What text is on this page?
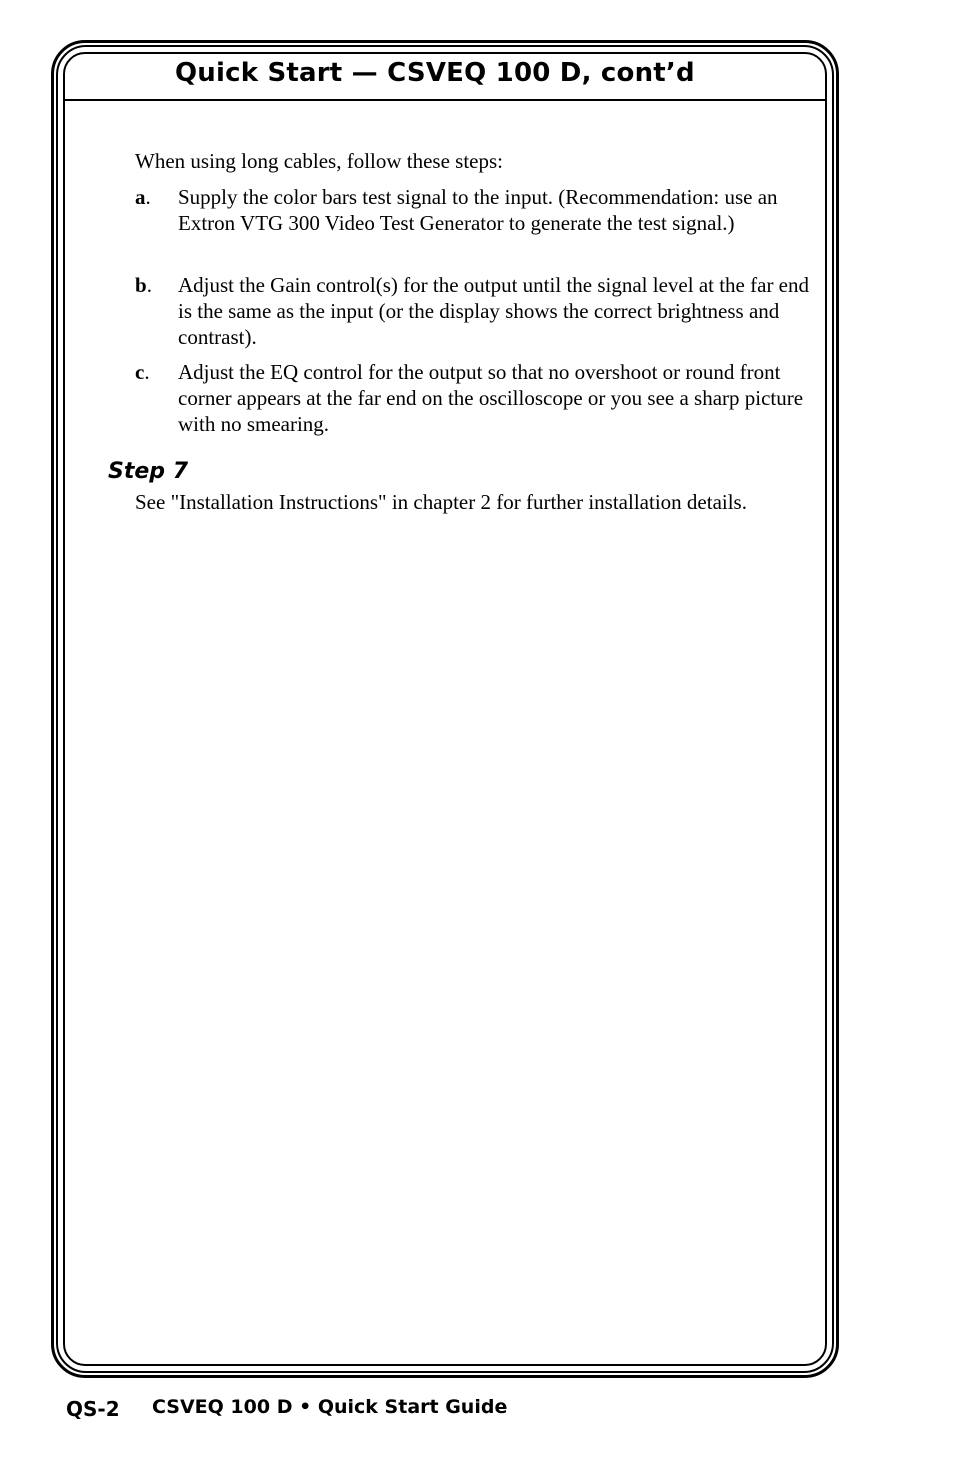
Quick Start — CSVEQ 100 D, cont’d
When using long cables, follow these steps:
a. Supply the color bars test signal to the input. (Recommendation: use an Extron VTG 300 Video Test Generator to generate the test signal.)
b. Adjust the Gain control(s) for the output until the signal level at the far end is the same as the input (or the display shows the correct brightness and contrast).
c. Adjust the EQ control for the output so that no overshoot or round front corner appears at the far end on the oscilloscope or you see a sharp picture with no smearing.
Step 7
See "Installation Instructions" in chapter 2 for further installation details.
QS-2 CSVEQ 100 D • Quick Start Guide
